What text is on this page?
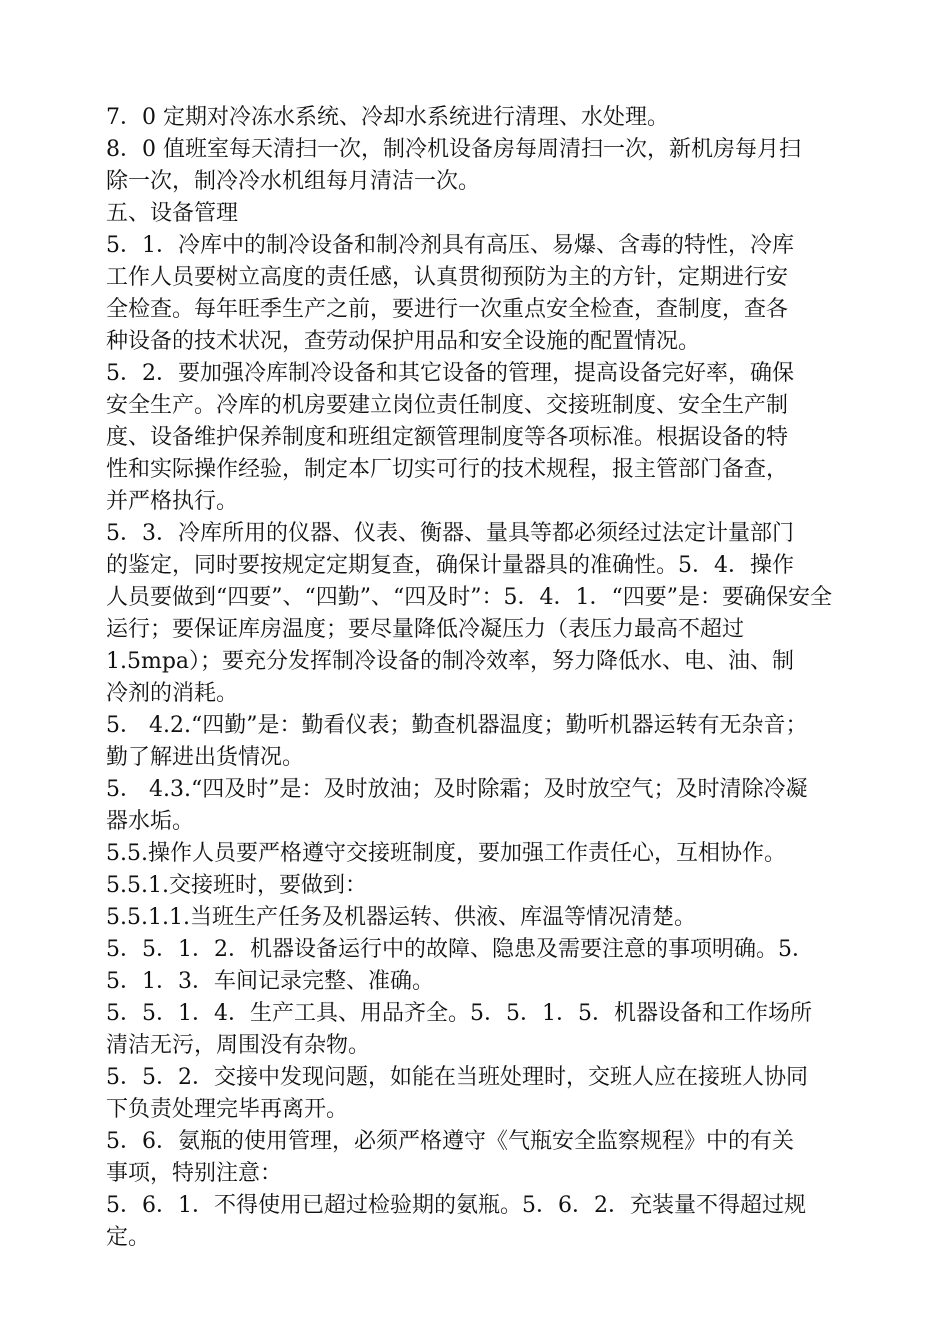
7．0 定期对冷冻水系统、冷却水系统进行清理、水处理。
8．0 值班室每天清扫一次，制冷机设备房每周清扫一次，新机房每月扫
除一次，制冷冷水机组每月清洁一次。
五、设备管理
5．1．冷库中的制冷设备和制冷剂具有高压、易爆、含毒的特性，冷库
工作人员要树立高度的责任感，认真贯彻预防为主的方针，定期进行安
全检查。每年旺季生产之前，要进行一次重点安全检查，查制度，查各
种设备的技术状况，查劳动保护用品和安全设施的配置情况。
5．2．要加强冷库制冷设备和其它设备的管理，提高设备完好率，确保
安全生产。冷库的机房要建立岗位责任制度、交接班制度、安全生产制
度、设备维护保养制度和班组定额管理制度等各项标准。根据设备的特
性和实际操作经验，制定本厂切实可行的技术规程，报主管部门备查，
并严格执行。
5．3．冷库所用的仪器、仪表、衡器、量具等都必须经过法定计量部门
的鉴定，同时要按规定定期复查，确保计量器具的准确性。5．4．操作
人员要做到“四要”、“四勤”、“四及时”：5．4．1．“四要”是：要确保安全
运行；要保证库房温度；要尽量降低冷凝压力（表压力最高不超过
1.5mpa）；要充分发挥制冷设备的制冷效率，努力降低水、电、油、制
冷剂的消耗。
5． 4.2.“四勤”是：勤看仪表；勤查机器温度；勤听机器运转有无杂音；
勤了解进出货情况。
5． 4.3.“四及时”是：及时放油；及时除霜；及时放空气；及时清除冷凝
器水垢。
5.5.操作人员要严格遵守交接班制度，要加强工作责任心，互相协作。
5.5.1.交接班时，要做到：
5.5.1.1.当班生产任务及机器运转、供液、库温等情况清楚。
5．5．1．2．机器设备运行中的故障、隐患及需要注意的事项明确。5．
5．1．3．车间记录完整、准确。
5．5．1．4．生产工具、用品齐全。5．5．1．5．机器设备和工作场所
清洁无污，周围没有杂物。
5．5．2．交接中发现问题，如能在当班处理时，交班人应在接班人协同
下负责处理完毕再离开。
5．6．氨瓶的使用管理，必须严格遵守《气瓶安全监察规程》中的有关
事项，特别注意：
5．6．1．不得使用已超过检验期的氨瓶。5．6．2．充装量不得超过规
定。
